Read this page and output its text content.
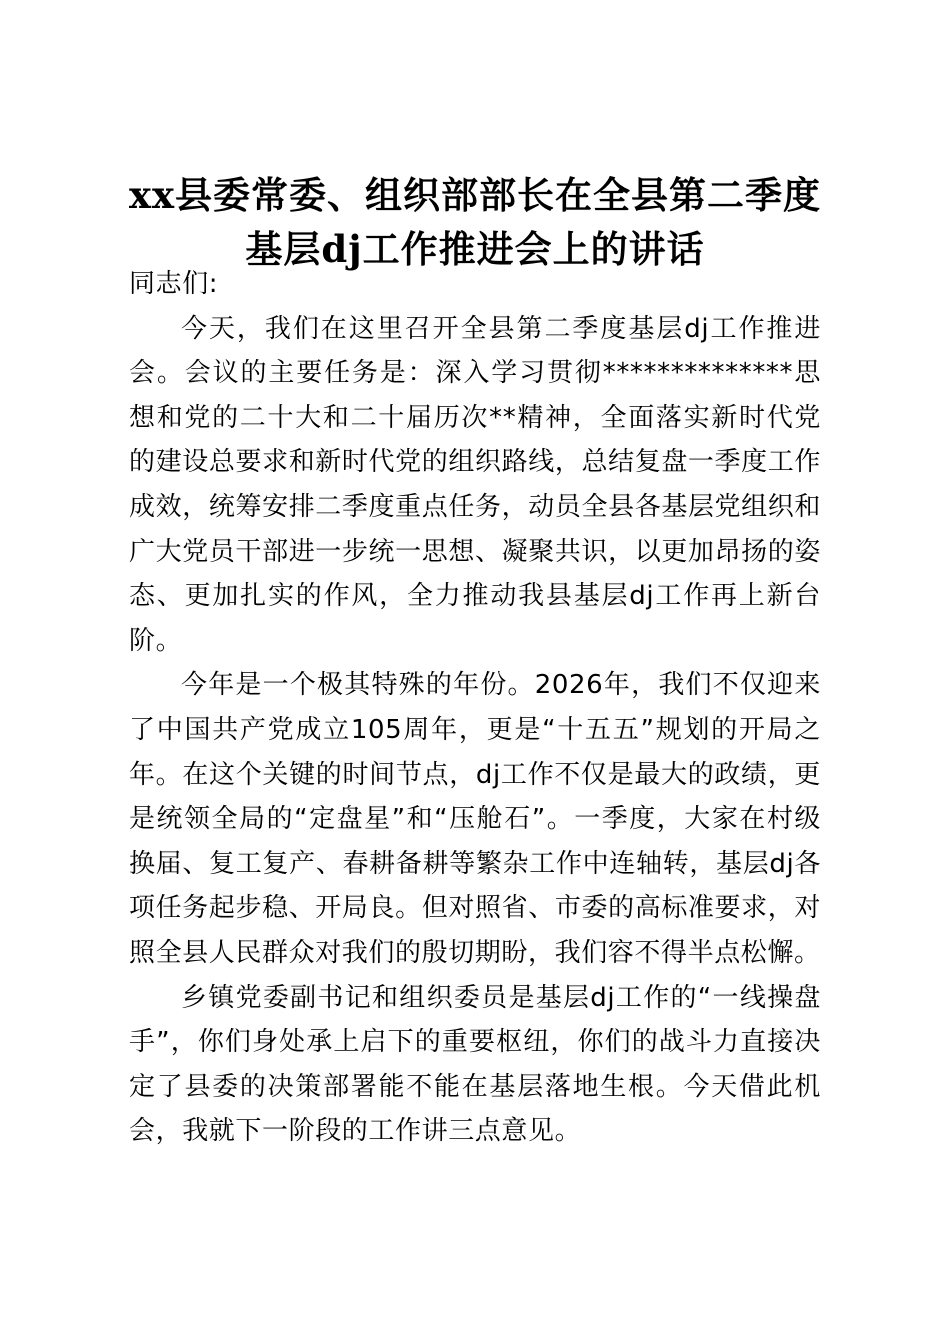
xx县委常委、组织部部长在全县第二季度
基层dj工作推进会上的讲话

同志们:

今天，我们在这里召开全县第二季度基层dj工作推进会。会议的主要任务是：深入学习贯彻**************思想和党的二十大和二十届历次**精神，全面落实新时代党的建设总要求和新时代党的组织路线，总结复盘一季度工作成效，统筹安排二季度重点任务，动员全县各基层党组织和广大党员干部进一步统一思想、凝聚共识，以更加昂扬的姿态、更加扎实的作风，全力推动我县基层dj工作再上新台阶。

今年是一个极其特殊的年份。2026年，我们不仅迎来了中国共产党成立105周年，更是“十五五”规划的开局之年。在这个关键的时间节点，dj工作不仅是最大的政绩，更是统领全局的“定盘星”和“压舱石”。一季度，大家在村级换届、复工复产、春耕备耕等繁杂工作中连轴转，基层dj各项任务起步稳、开局良。但对照省、市委的高标准要求，对照全县人民群众对我们的殷切期盼，我们容不得半点松懈。

乡镇党委副书记和组织委员是基层dj工作的“一线操盘手”，你们身处承上启下的重要枢纽，你们的战斗力直接决定了县委的决策部署能不能在基层落地生根。今天借此机会，我就下一阶段的工作讲三点意见。
